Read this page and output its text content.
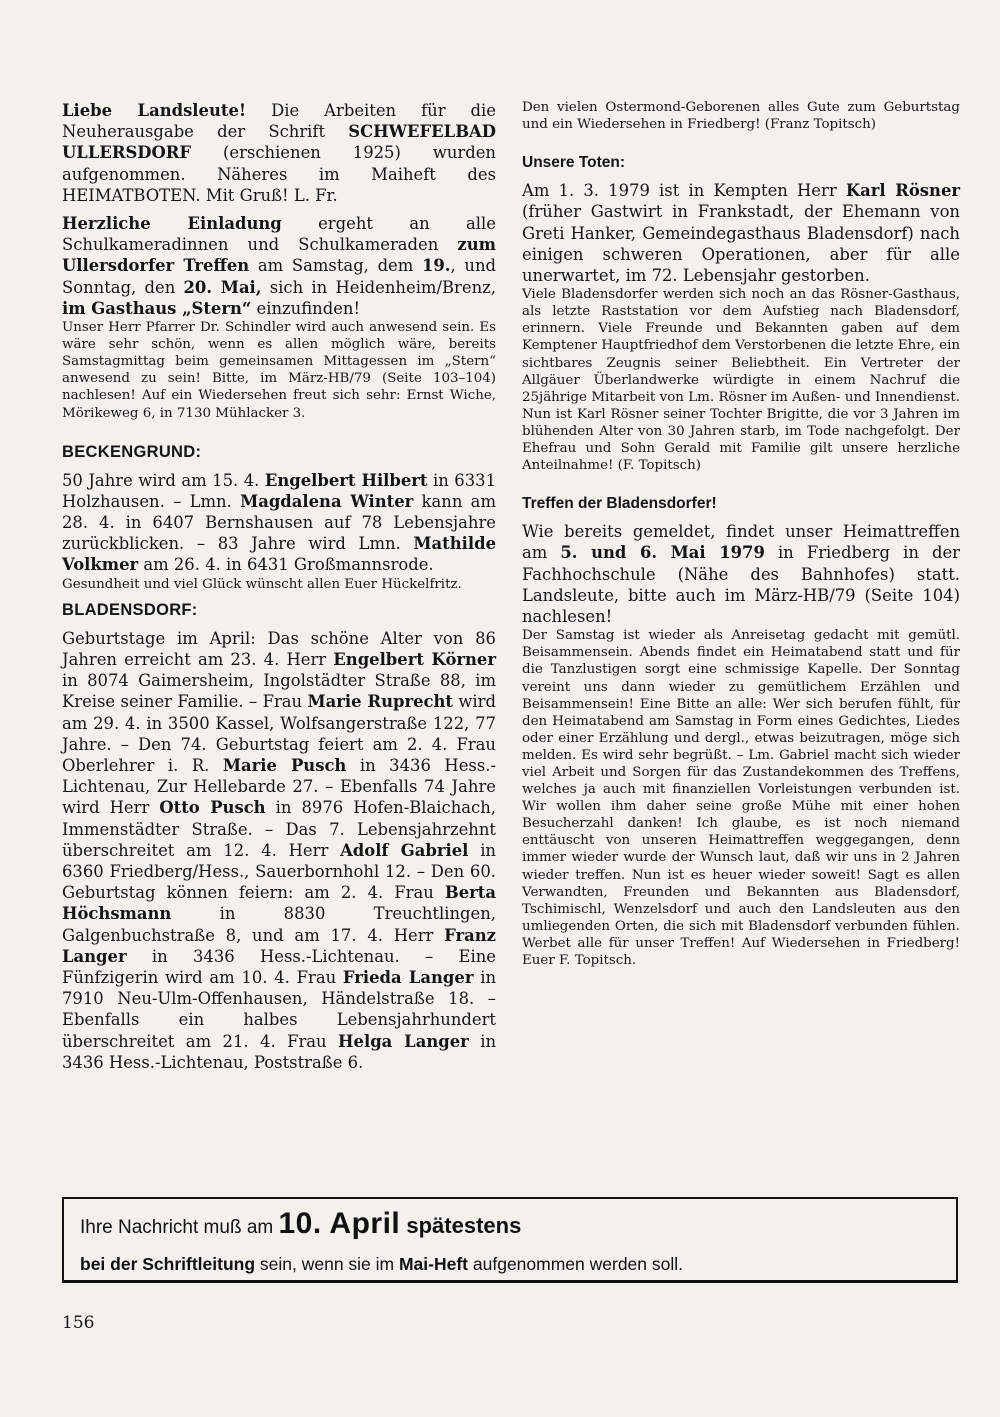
Liebe Landsleute! Die Arbeiten für die Neuherausgabe der Schrift SCHWEFELBAD ULLERSDORF (erschienen 1925) wurden aufgenommen. Näheres im Maiheft des HEIMATBOTEN. Mit Gruß! L. Fr.

Herzliche Einladung ergeht an alle Schulkameradinnen und Schulkameraden zum Ullersdorfer Treffen am Samstag, dem 19., und Sonntag, den 20. Mai, sich in Heidenheim/Brenz, im Gasthaus „Stern“ einzufinden!

Unser Herr Pfarrer Dr. Schindler wird auch anwesend sein. Es wäre sehr schön, wenn es allen möglich wäre, bereits Samstagmittag beim gemeinsamen Mittagessen im „Stern“ anwesend zu sein! Bitte, im März-HB/79 (Seite 103–104) nachlesen! Auf ein Wiedersehen freut sich sehr: Ernst Wiche, Mörikeweg 6, in 7130 Mühlacker 3.

BECKENGRUND:

50 Jahre wird am 15. 4. Engelbert Hilbert in 6331 Holzhausen. – Lmn. Magdalena Winter kann am 28. 4. in 6407 Bernshausen auf 78 Lebensjahre zurückblicken. – 83 Jahre wird Lmn. Mathilde Volkmer am 26. 4. in 6431 Großmannsrode.

Gesundheit und viel Glück wünscht allen Euer Hückelfritz.

BLADENSDORF:

Geburtstage im April: Das schöne Alter von 86 Jahren erreicht am 23. 4. Herr Engelbert Körner in 8074 Gaimersheim, Ingolstädter Straße 88, im Kreise seiner Familie. – Frau Marie Ruprecht wird am 29. 4. in 3500 Kassel, Wolfsangerstraße 122, 77 Jahre. – Den 74. Geburtstag feiert am 2. 4. Frau Oberlehrer i. R. Marie Pusch in 3436 Hess.-Lichtenau, Zur Hellebarde 27. – Ebenfalls 74 Jahre wird Herr Otto Pusch in 8976 Hofen-Blaichach, Immenstädter Straße. – Das 7. Lebensjahrzehnt überschreitet am 12. 4. Herr Adolf Gabriel in 6360 Friedberg/Hess., Sauerbornhohl 12. – Den 60. Geburtstag können feiern: am 2. 4. Frau Berta Höchsmann in 8830 Treuchtlingen, Galgenbuchstraße 8, und am 17. 4. Herr Franz Langer in 3436 Hess.-Lichtenau. – Eine Fünfzigerin wird am 10. 4. Frau Frieda Langer in 7910 Neu-Ulm-Offenhausen, Händelstraße 18. – Ebenfalls ein halbes Lebensjahrhundert überschreitet am 21. 4. Frau Helga Langer in 3436 Hess.-Lichtenau, Poststraße 6.

Den vielen Ostermond-Geborenen alles Gute zum Geburtstag und ein Wiedersehen in Friedberg! (Franz Topitsch)

Unsere Toten:

Am 1. 3. 1979 ist in Kempten Herr Karl Rösner (früher Gastwirt in Frankstadt, der Ehemann von Greti Hanker, Gemeindegasthaus Bladensdorf) nach einigen schweren Operationen, aber für alle unerwartet, im 72. Lebensjahr gestorben.

Viele Bladensdorfer werden sich noch an das Rösner-Gasthaus, als letzte Raststation vor dem Aufstieg nach Bladensdorf, erinnern. Viele Freunde und Bekannten gaben auf dem Kemptener Hauptfriedhof dem Verstorbenen die letzte Ehre, ein sichtbares Zeugnis seiner Beliebtheit. Ein Vertreter der Allgäuer Überlandwerke würdigte in einem Nachruf die 25jährige Mitarbeit von Lm. Rösner im Außen- und Innendienst. Nun ist Karl Rösner seiner Tochter Brigitte, die vor 3 Jahren im blühenden Alter von 30 Jahren starb, im Tode nachgefolgt. Der Ehefrau und Sohn Gerald mit Familie gilt unsere herzliche Anteilnahme! (F. Topitsch)

Treffen der Bladensdorfer!

Wie bereits gemeldet, findet unser Heimattreffen am 5. und 6. Mai 1979 in Friedberg in der Fachhochschule (Nähe des Bahnhofes) statt. Landsleute, bitte auch im März-HB/79 (Seite 104) nachlesen!

Der Samstag ist wieder als Anreisetag gedacht mit gemütl. Beisammensein. Abends findet ein Heimatabend statt und für die Tanzlustigen sorgt eine schmissige Kapelle. Der Sonntag vereint uns dann wieder zu gemütlichem Erzählen und Beisammensein! Eine Bitte an alle: Wer sich berufen fühlt, für den Heimatabend am Samstag in Form eines Gedichtes, Liedes oder einer Erzählung und dergl., etwas beizutragen, möge sich melden. Es wird sehr begrüßt. – Lm. Gabriel macht sich wieder viel Arbeit und Sorgen für das Zustandekommen des Treffens, welches ja auch mit finanziellen Vorleistungen verbunden ist. Wir wollen ihm daher seine große Mühe mit einer hohen Besucherzahl danken! Ich glaube, es ist noch niemand enttäuscht von unseren Heimattreffen weggegangen, denn immer wieder wurde der Wunsch laut, daß wir uns in 2 Jahren wieder treffen. Nun ist es heuer wieder soweit! Sagt es allen Verwandten, Freunden und Bekannten aus Bladensdorf, Tschimischl, Wenzelsdorf und auch den Landsleuten aus den umliegenden Orten, die sich mit Bladensdorf verbunden fühlen. Werbet alle für unser Treffen! Auf Wiedersehen in Friedberg! Euer F. Topitsch.

Ihre Nachricht muß am 10. April spätestens
bei der Schriftleitung sein, wenn sie im Mai-Heft aufgenommen werden soll.
156
